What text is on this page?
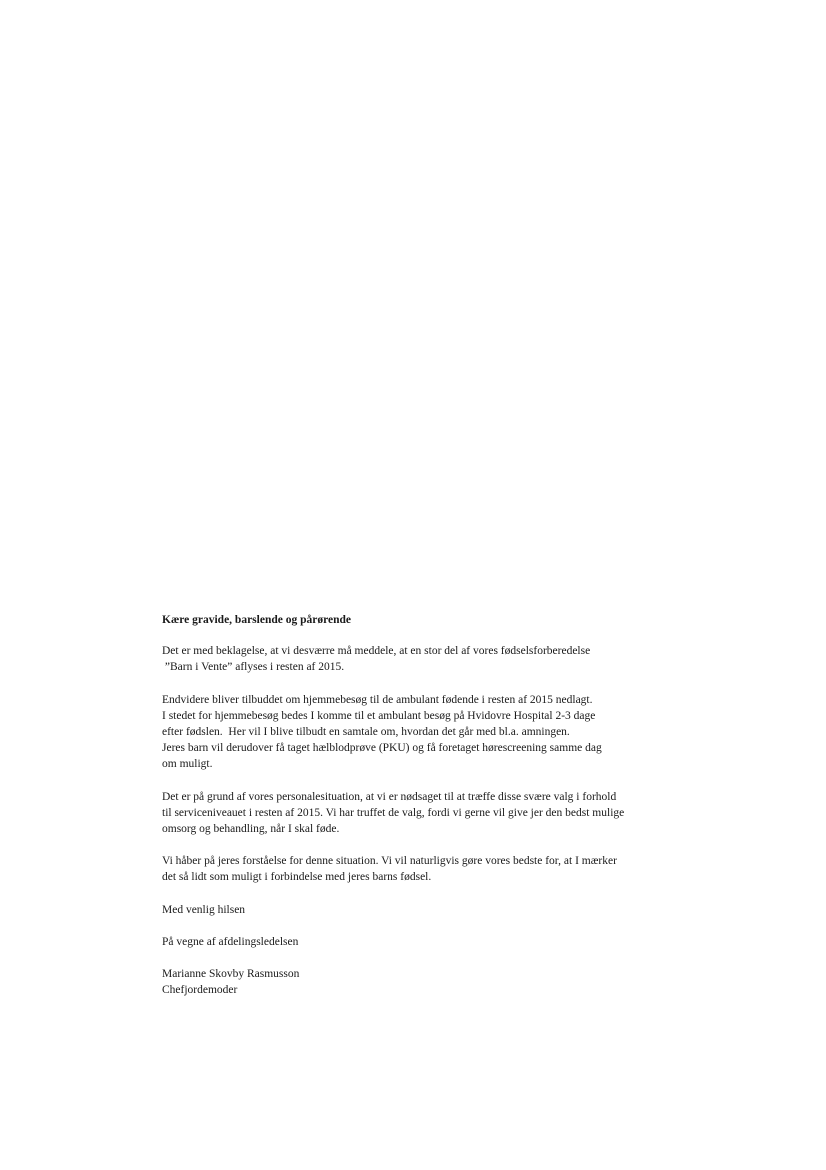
Kære gravide, barslende og pårørende

Det er med beklagelse, at vi desværre må meddele, at en stor del af vores fødselsforberedelse
”Barn i Vente” aflyses i resten af 2015.

Endvidere bliver tilbuddet om hjemmebesøg til de ambulant fødende i resten af 2015 nedlagt.
I stedet for hjemmebesøg bedes I komme til et ambulant besøg på Hvidovre Hospital 2-3 dage
efter fødslen.  Her vil I blive tilbudt en samtale om, hvordan det går med bl.a. amningen.
Jeres barn vil derudover få taget hælblodprøve (PKU) og få foretaget hørescreening samme dag
om muligt.

Det er på grund af vores personalesituation, at vi er nødsaget til at træffe disse svære valg i forhold
til serviceniveauet i resten af 2015. Vi har truffet de valg, fordi vi gerne vil give jer den bedst mulige
omsorg og behandling, når I skal føde.

Vi håber på jeres forståelse for denne situation. Vi vil naturligvis gøre vores bedste for, at I mærker
det så lidt som muligt i forbindelse med jeres barns fødsel.

Med venlig hilsen

På vegne af afdelingsledelsen

Marianne Skovby Rasmusson

Chefjordemoder
